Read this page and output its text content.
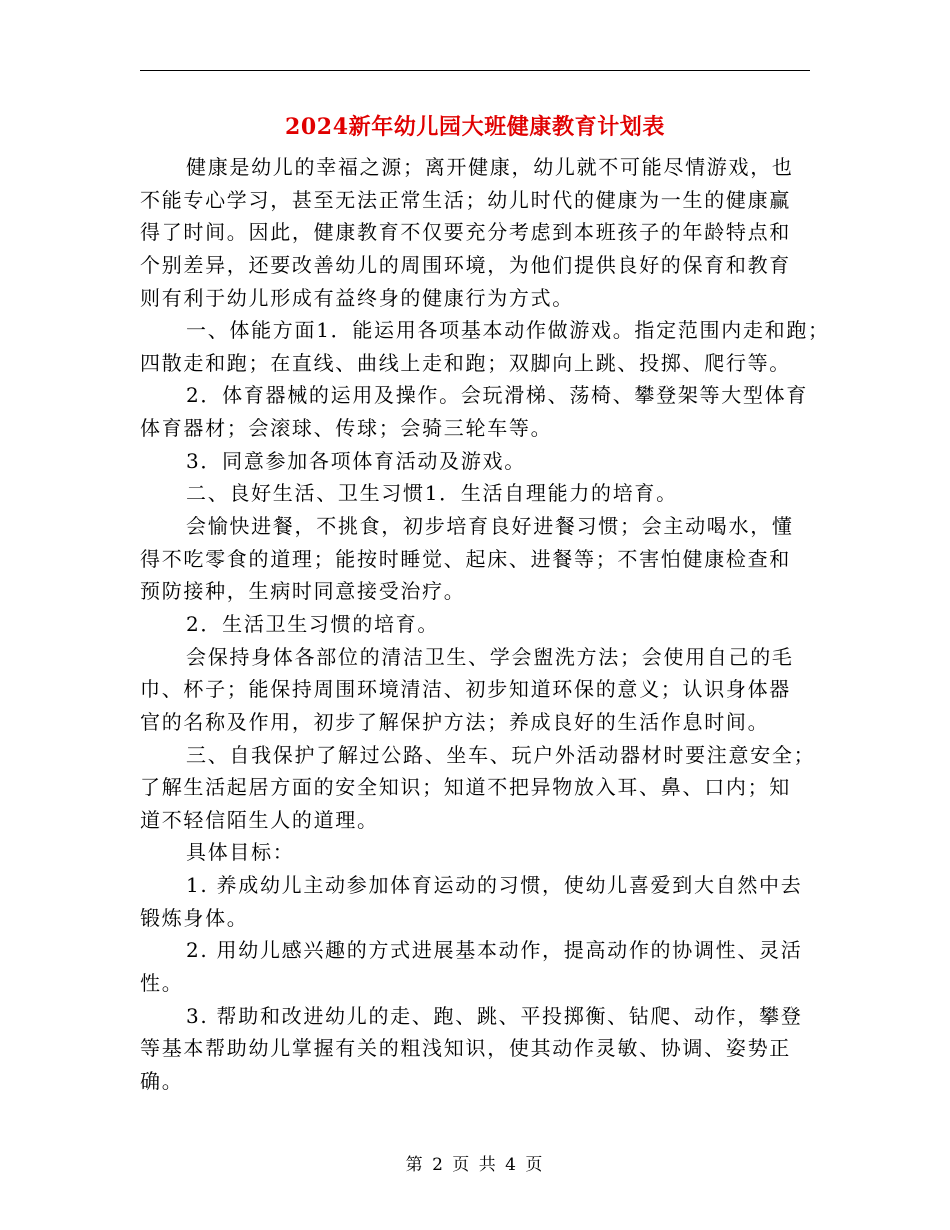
2024新年幼儿园大班健康教育计划表
健康是幼儿的幸福之源；离开健康，幼儿就不可能尽情游戏，也
不能专心学习，甚至无法正常生活；幼儿时代的健康为一生的健康赢
得了时间。因此，健康教育不仅要充分考虑到本班孩子的年龄特点和
个别差异，还要改善幼儿的周围环境，为他们提供良好的保育和教育
则有利于幼儿形成有益终身的健康行为方式。
一、体能方面1．能运用各项基本动作做游戏。指定范围内走和跑；
四散走和跑；在直线、曲线上走和跑；双脚向上跳、投掷、爬行等。
2．体育器械的运用及操作。会玩滑梯、荡椅、攀登架等大型体育
体育器材；会滚球、传球；会骑三轮车等。
3．同意参加各项体育活动及游戏。
二、良好生活、卫生习惯1．生活自理能力的培育。
会愉快进餐，不挑食，初步培育良好进餐习惯；会主动喝水，懂
得不吃零食的道理；能按时睡觉、起床、进餐等；不害怕健康检查和
预防接种，生病时同意接受治疗。
2．生活卫生习惯的培育。
会保持身体各部位的清洁卫生、学会盥洗方法；会使用自己的毛
巾、杯子；能保持周围环境清洁、初步知道环保的意义；认识身体器
官的名称及作用，初步了解保护方法；养成良好的生活作息时间。
三、自我保护了解过公路、坐车、玩户外活动器材时要注意安全；
了解生活起居方面的安全知识；知道不把异物放入耳、鼻、口内；知
道不轻信陌生人的道理。
具体目标：
1. 养成幼儿主动参加体育运动的习惯，使幼儿喜爱到大自然中去
锻炼身体。
2. 用幼儿感兴趣的方式进展基本动作，提高动作的协调性、灵活
性。
3. 帮助和改进幼儿的走、跑、跳、平投掷衡、钻爬、动作，攀登
等基本帮助幼儿掌握有关的粗浅知识，使其动作灵敏、协调、姿势正
确。
第 2 页 共 4 页
